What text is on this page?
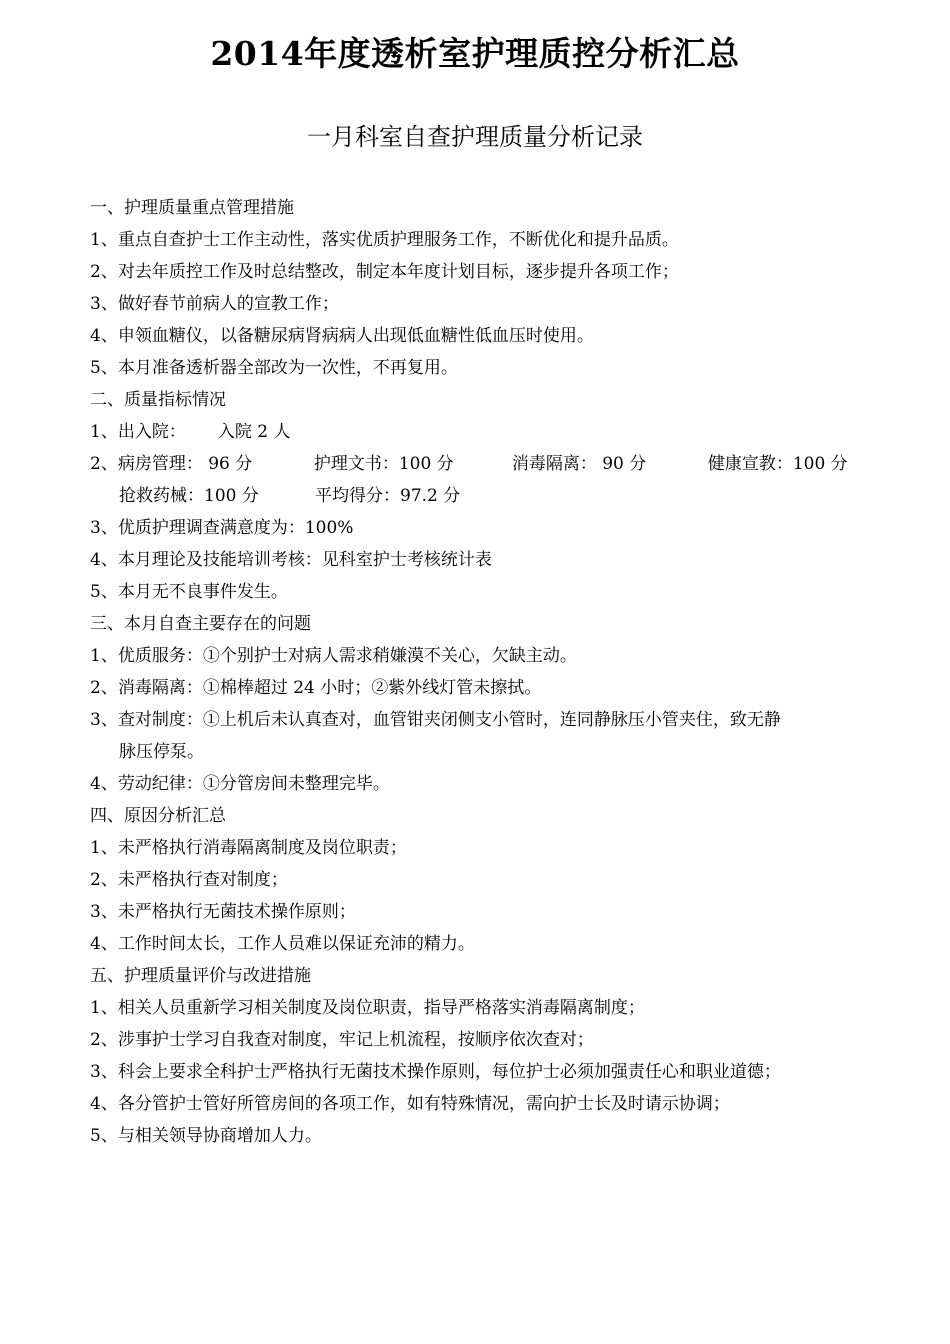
2014年度透析室护理质控分析汇总
一月科室自查护理质量分析记录
一、护理质量重点管理措施
1、重点自查护士工作主动性，落实优质护理服务工作，不断优化和提升品质。
2、对去年质控工作及时总结整改，制定本年度计划目标，逐步提升各项工作；
3、做好春节前病人的宣教工作；
4、申领血糖仪，以备糖尿病肾病病人出现低血糖性低血压时使用。
5、本月准备透析器全部改为一次性，不再复用。
二、质量指标情况
1、出入院： 入院 2 人
2、病房管理： 96 分	护理文书：100 分	消毒隔离： 90 分	健康宣教：100 分
抢救药械：100 分	平均得分：97.2 分
3、优质护理调查满意度为：100%
4、本月理论及技能培训考核：见科室护士考核统计表
5、本月无不良事件发生。
三、本月自查主要存在的问题
1、优质服务：①个别护士对病人需求稍嫌漠不关心，欠缺主动。
2、消毒隔离：①棉棒超过 24 小时；②紫外线灯管未擦拭。
3、查对制度：①上机后未认真查对，血管钳夹闭侧支小管时，连同静脉压小管夹住，致无静
脉压停泵。
4、劳动纪律：①分管房间未整理完毕。
四、原因分析汇总
1、未严格执行消毒隔离制度及岗位职责；
2、未严格执行查对制度；
3、未严格执行无菌技术操作原则；
4、工作时间太长，工作人员难以保证充沛的精力。
五、护理质量评价与改进措施
1、相关人员重新学习相关制度及岗位职责，指导严格落实消毒隔离制度；
2、涉事护士学习自我查对制度，牢记上机流程，按顺序依次查对；
3、科会上要求全科护士严格执行无菌技术操作原则，每位护士必须加强责任心和职业道德；
4、各分管护士管好所管房间的各项工作，如有特殊情况，需向护士长及时请示协调；
5、与相关领导协商增加人力。
